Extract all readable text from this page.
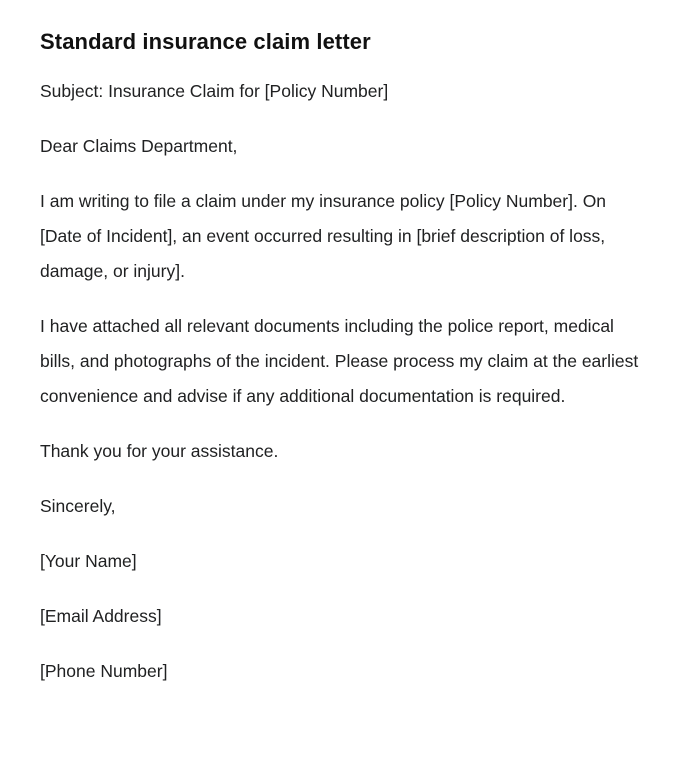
Standard insurance claim letter

Subject: Insurance Claim for [Policy Number]

Dear Claims Department,

I am writing to file a claim under my insurance policy [Policy Number]. On [Date of Incident], an event occurred resulting in [brief description of loss, damage, or injury].

I have attached all relevant documents including the police report, medical bills, and photographs of the incident. Please process my claim at the earliest convenience and advise if any additional documentation is required.

Thank you for your assistance.

Sincerely,

[Your Name]

[Email Address]

[Phone Number]
